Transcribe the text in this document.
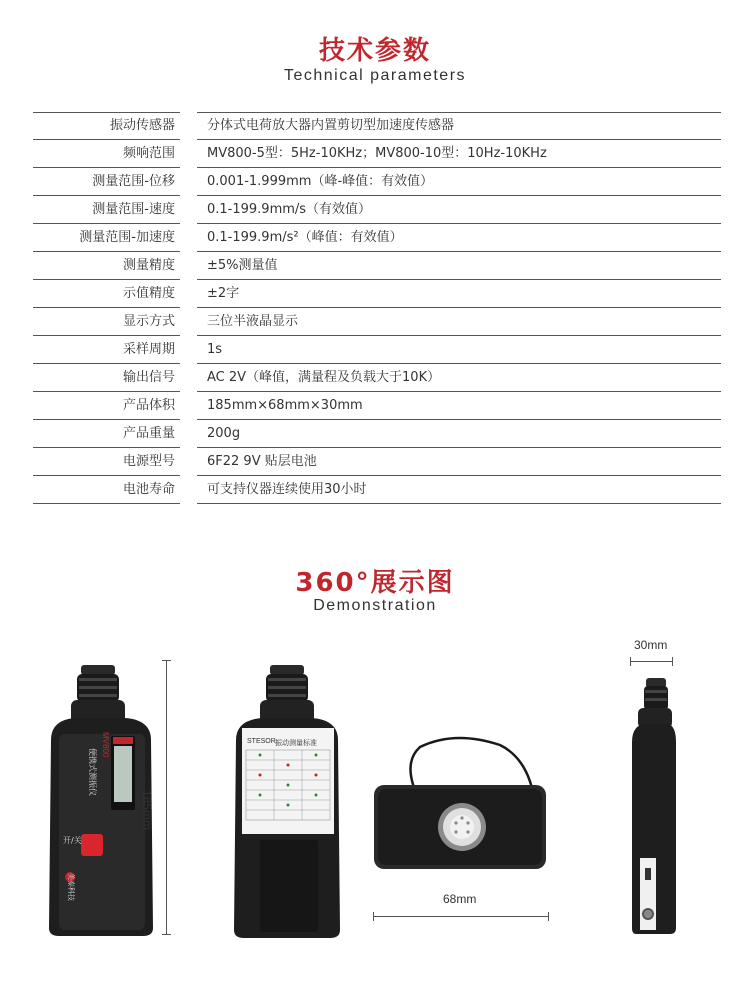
技术参数
Technical parameters
振动传感器 分体式电荷放大器内置剪切型加速度传感器
频响范围 MV800-5型：5Hz-10KHz；MV800-10型：10Hz-10KHz
测量范围-位移 0.001-1.999mm（峰-峰值：有效值）
测量范围-速度 0.1-199.9mm/s（有效值）
测量范围-加速度 0.1-199.9m/s²（峰值：有效值）
测量精度 ±5%测量值
示值精度 ±2字
显示方式 三位半液晶显示
采样周期 1s
输出信号 AC 2V（峰值，满量程及负载大于10K）
产品体积 185mm×68mm×30mm
产品重量 200g
电源型号 6F22 9V 贴层电池
电池寿命 可支持仪器连续使用30小时
360°展示图
Demonstration
MV800
便携式测振仪
开/关
美泰科技
185mm
STESOR 振动测量标准
68mm
30mm
